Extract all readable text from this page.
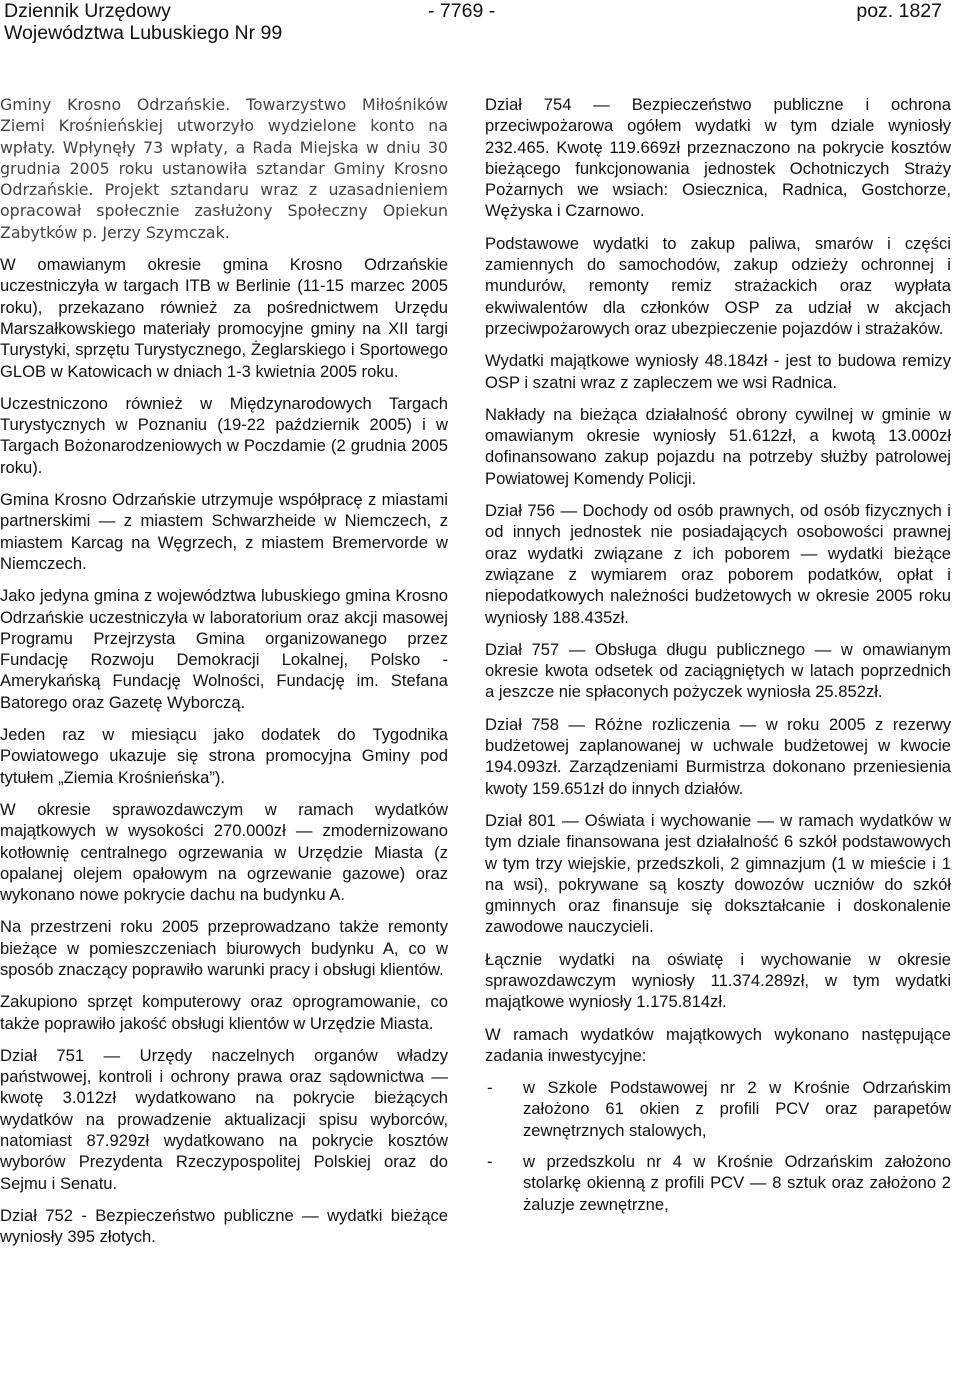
Dziennik Urzędowy
Województwa Lubuskiego Nr 99
- 7769 -	poz. 1827

Gminy Krosno Odrzańskie. Towarzystwo Miłośników Ziemi Krośnieńskiej utworzyło wydzielone konto na wpłaty. Wpłynęły 73 wpłaty, a Rada Miejska w dniu 30 grudnia 2005 roku ustanowiła sztandar Gminy Krosno Odrzańskie. Projekt sztandaru wraz z uzasadnieniem opracował społecznie zasłużony Społeczny Opiekun Zabytków p. Jerzy Szymczak.

W omawianym okresie gmina Krosno Odrzańskie uczestniczyła w targach ITB w Berlinie (11-15 marzec 2005 roku), przekazano również za pośrednictwem Urzędu Marszałkowskiego materiały promocyjne gminy na XII targi Turystyki, sprzętu Turystycznego, Żeglarskiego i Sportowego GLOB w Katowicach w dniach 1-3 kwietnia 2005 roku.

Uczestniczono również w Międzynarodowych Targach Turystycznych w Poznaniu (19-22 październik 2005) i w Targach Bożonarodzeniowych w Poczdamie (2 grudnia 2005 roku).

Gmina Krosno Odrzańskie utrzymuje współpracę z miastami partnerskimi — z miastem Schwarzheide w Niemczech, z miastem Karcag na Węgrzech, z miastem Bremervorde w Niemczech.

Jako jedyna gmina z województwa lubuskiego gmina Krosno Odrzańskie uczestniczyła w laboratorium oraz akcji masowej Programu Przejrzysta Gmina organizowanego przez Fundację Rozwoju Demokracji Lokalnej, Polsko - Amerykańską Fundację Wolności, Fundację im. Stefana Batorego oraz Gazetę Wyborczą.

Jeden raz w miesiącu jako dodatek do Tygodnika Powiatowego ukazuje się strona promocyjna Gminy pod tytułem „Ziemia Krośnieńska”).

W okresie sprawozdawczym w ramach wydatków majątkowych w wysokości 270.000zł — zmodernizowano kotłownię centralnego ogrzewania w Urzędzie Miasta (z opalanej olejem opałowym na ogrzewanie gazowe) oraz wykonano nowe pokrycie dachu na budynku A.

Na przestrzeni roku 2005 przeprowadzano także remonty bieżące w pomieszczeniach biurowych budynku A, co w sposób znaczący poprawiło warunki pracy i obsługi klientów.

Zakupiono sprzęt komputerowy oraz oprogramowanie, co także poprawiło jakość obsługi klientów w Urzędzie Miasta.

Dział 751 — Urzędy naczelnych organów władzy państwowej, kontroli i ochrony prawa oraz sądownictwa — kwotę 3.012zł wydatkowano na pokrycie bieżących wydatków na prowadzenie aktualizacji spisu wyborców, natomiast 87.929zł wydatkowano na pokrycie kosztów wyborów Prezydenta Rzeczypospolitej Polskiej oraz do Sejmu i Senatu.

Dział 752 - Bezpieczeństwo publiczne — wydatki bieżące wyniosły 395 złotych.

Dział 754 — Bezpieczeństwo publiczne i ochrona przeciwpożarowa ogółem wydatki w tym dziale wyniosły 232.465. Kwotę 119.669zł przeznaczono na pokrycie kosztów bieżącego funkcjonowania jednostek Ochotniczych Straży Pożarnych we wsiach: Osiecznica, Radnica, Gostchorze, Wężyska i Czarnowo.

Podstawowe wydatki to zakup paliwa, smarów i części zamiennych do samochodów, zakup odzieży ochronnej i mundurów, remonty remiz strażackich oraz wypłata ekwiwalentów dla członków OSP za udział w akcjach przeciwpożarowych oraz ubezpieczenie pojazdów i strażaków.

Wydatki majątkowe wyniosły 48.184zł - jest to budowa remizy OSP i szatni wraz z zapleczem we wsi Radnica.

Nakłady na bieżąca działalność obrony cywilnej w gminie w omawianym okresie wyniosły 51.612zł, a kwotą 13.000zł dofinansowano zakup pojazdu na potrzeby służby patrolowej Powiatowej Komendy Policji.

Dział 756 — Dochody od osób prawnych, od osób fizycznych i od innych jednostek nie posiadających osobowości prawnej oraz wydatki związane z ich poborem — wydatki bieżące związane z wymiarem oraz poborem podatków, opłat i niepodatkowych należności budżetowych w okresie 2005 roku wyniosły 188.435zł.

Dział 757 — Obsługa długu publicznego — w omawianym okresie kwota odsetek od zaciągniętych w latach poprzednich a jeszcze nie spłaconych pożyczek wyniosła 25.852zł.

Dział 758 — Różne rozliczenia — w roku 2005 z rezerwy budżetowej zaplanowanej w uchwale budżetowej w kwocie 194.093zł. Zarządzeniami Burmistrza dokonano przeniesienia kwoty 159.651zł do innych działów.

Dział 801 — Oświata i wychowanie — w ramach wydatków w tym dziale finansowana jest działalność 6 szkół podstawowych w tym trzy wiejskie, przedszkoli, 2 gimnazjum (1 w mieście i 1 na wsi), pokrywane są koszty dowozów uczniów do szkół gminnych oraz finansuje się dokształcanie i doskonalenie zawodowe nauczycieli.

Łącznie wydatki na oświatę i wychowanie w okresie sprawozdawczym wyniosły 11.374.289zł, w tym wydatki majątkowe wyniosły 1.175.814zł.

W ramach wydatków majątkowych wykonano następujące zadania inwestycyjne:

- w Szkole Podstawowej nr 2 w Krośnie Odrzańskim założono 61 okien z profili PCV oraz parapetów zewnętrznych stalowych,
- w przedszkolu nr 4 w Krośnie Odrzańskim założono stolarkę okienną z profili PCV — 8 sztuk oraz założono 2 żaluzje zewnętrzne,
